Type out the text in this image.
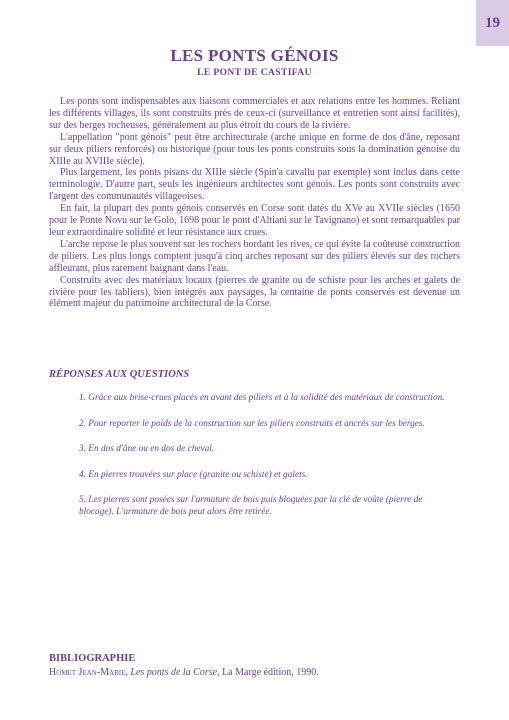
19
LES PONTS GÉNOIS
LE PONT DE CASTIFAU

Les ponts sont indispensables aux liaisons commerciales et aux relations entre les hommes. Reliant les différents villages, ils sont construits près de ceux-ci (surveillance et entretien sont ainsi facilités), sur des berges rocheuses, généralement au plus étroit du cours de la rivière.

L'appellation "pont génois" peut être architecturale (arche unique en forme de dos d'âne, reposant sur deux piliers renforcés) ou historique (pour tous les ponts construits sous la domination génoise du XIIIe au XVIIIe siècle).

Plus largement, les ponts pisans du XIIIe siècle (Spin'a cavallu par exemple) sont inclus dans cette terminologie. D'autre part, seuls les ingénieurs architectes sont génois. Les ponts sont construits avec l'argent des communautés villageoises.

En fait, la plupart des ponts génois conservés en Corse sont datés du XVe au XVIIe siècles (1650 pour le Ponte Novu sur le Golo, 1698 pour le pont d'Altiani sur le Tavignano) et sont remarquables par leur extraordinaire solidité et leur résistance aux crues.

L'arche repose le plus souvent sur les rochers bordant les rives, ce qui évite la coûteuse construction de piliers. Les plus longs comptent jusqu'à cinq arches reposant sur des piliers élevés sur des rochers affleurant, plus rarement baignant dans l'eau.

Construits avec des matériaux locaux (pierres de granite ou de schiste pour les arches et galets de rivière pour les tabliers), bien intégrés aux paysages, la centaine de ponts conservés est devenue un élément majeur du patrimoine architectural de la Corse.

RÉPONSES AUX QUESTIONS

1. Grâce aux brise-crues placés en avant des piliers et à la solidité des matériaux de construction.

2. Pour reporter le poids de la construction sur les piliers construits et ancrés sur les berges.

3. En dos d'âne ou en dos de cheval.

4. En pierres trouvées sur place (granite ou schiste) et galets.

5. Les pierres sont posées sur l'armature de bois puis bloquées par la clé de voûte (pierre de blocage). L'armature de bois peut alors être retirée.

BIBLIOGRAPHIE
Homet Jean-Marie, Les ponts de la Corse, La Marge édition, 1990.
